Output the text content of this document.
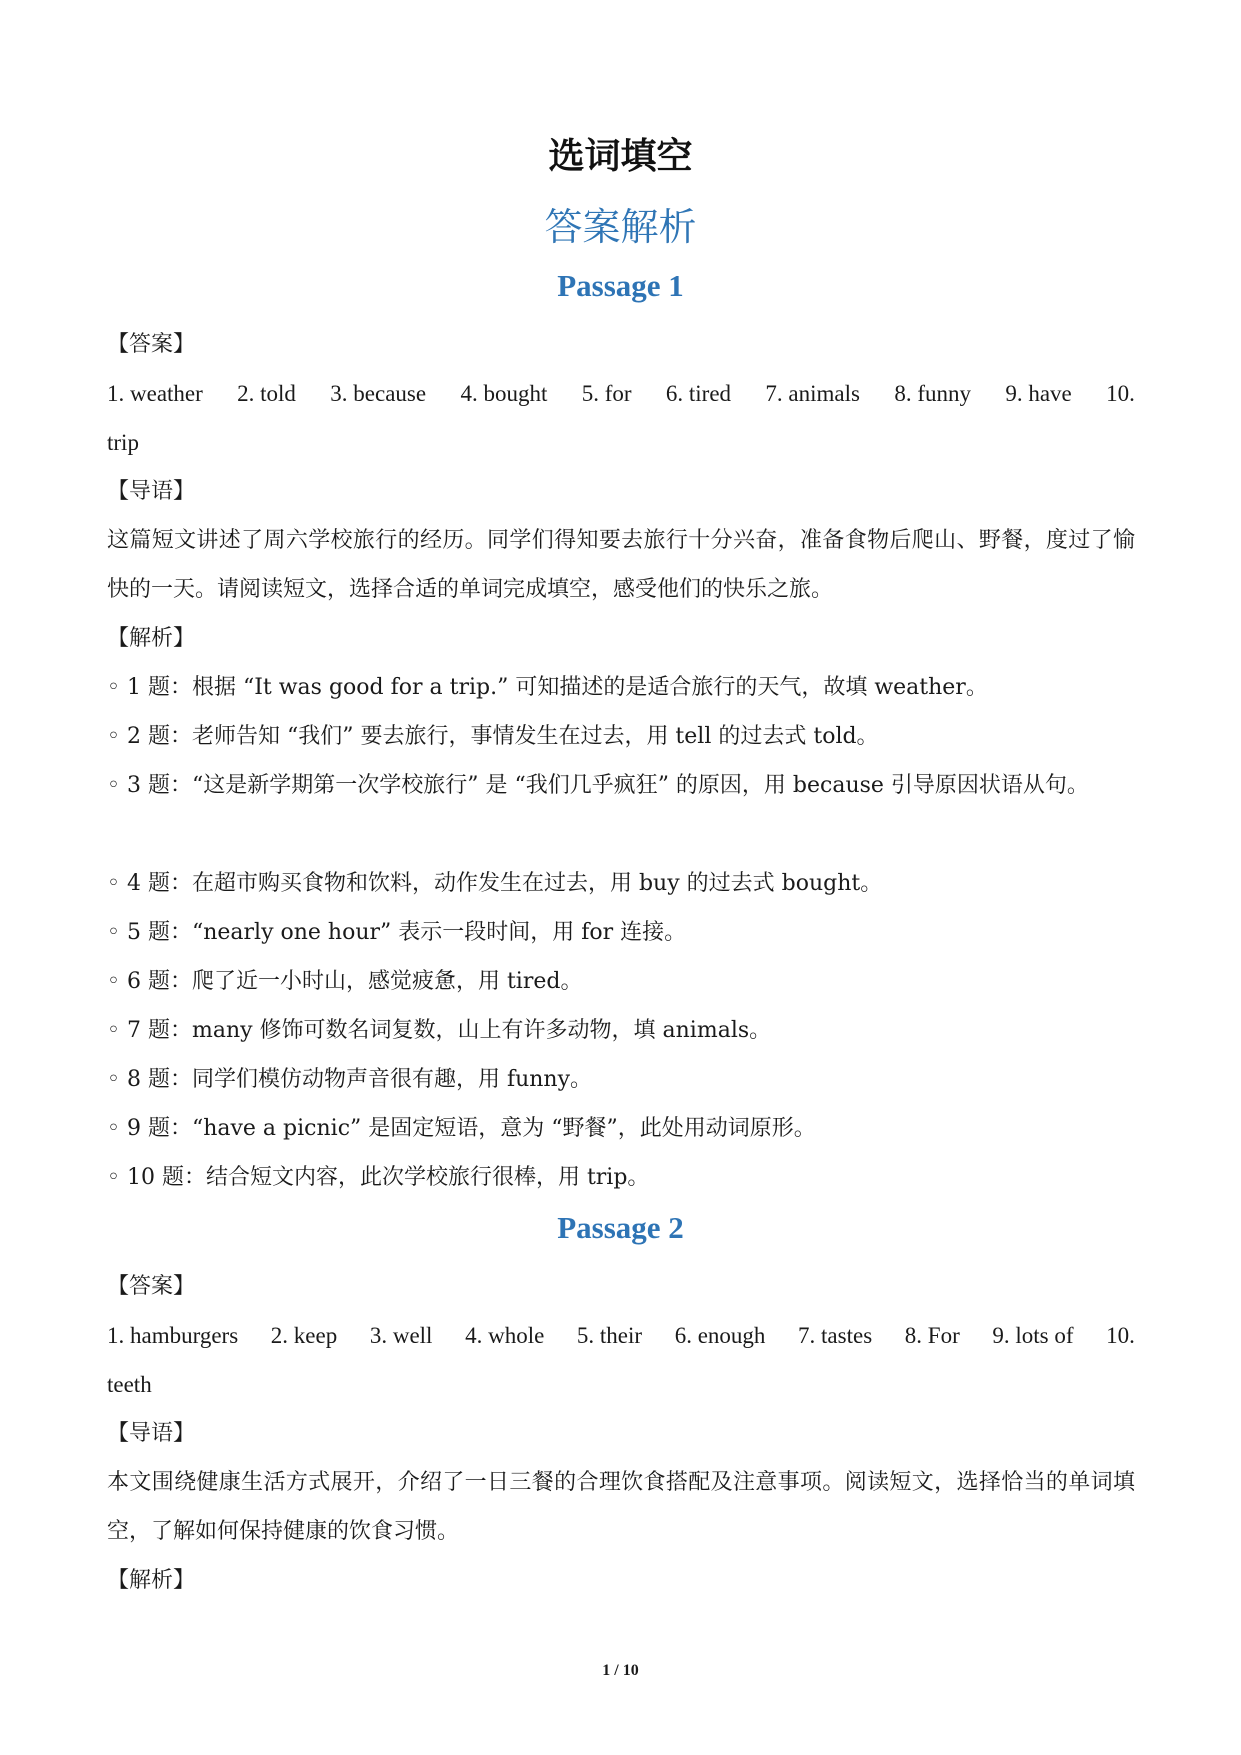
选词填空
答案解析
Passage 1
【答案】
1. weather 2. told 3. because 4. bought 5. for 6. tired 7. animals 8. funny 9. have 10.
trip
【导语】
这篇短文讲述了周六学校旅行的经历。同学们得知要去旅行十分兴奋，准备食物后爬山、野餐，度过了愉快的一天。请阅读短文，选择合适的单词完成填空，感受他们的快乐之旅。
【解析】
◦ 1 题：根据 “It was good for a trip.” 可知描述的是适合旅行的天气，故填 weather。
◦ 2 题：老师告知 “我们” 要去旅行，事情发生在过去，用 tell 的过去式 told。
◦ 3 题：“这是新学期第一次学校旅行” 是 “我们几乎疯狂” 的原因，用 because 引导原因状语从句。
◦ 4 题：在超市购买食物和饮料，动作发生在过去，用 buy 的过去式 bought。
◦ 5 题：“nearly one hour” 表示一段时间，用 for 连接。
◦ 6 题：爬了近一小时山，感觉疲惫，用 tired。
◦ 7 题：many 修饰可数名词复数，山上有许多动物，填 animals。
◦ 8 题：同学们模仿动物声音很有趣，用 funny。
◦ 9 题：“have a picnic” 是固定短语，意为 “野餐”，此处用动词原形。
◦ 10 题：结合短文内容，此次学校旅行很棒，用 trip。
Passage 2
【答案】
1. hamburgers 2. keep 3. well 4. whole 5. their 6. enough 7. tastes 8. For 9. lots of 10.
teeth
【导语】
本文围绕健康生活方式展开，介绍了一日三餐的合理饮食搭配及注意事项。阅读短文，选择恰当的单词填空，了解如何保持健康的饮食习惯。
【解析】
1 / 10
